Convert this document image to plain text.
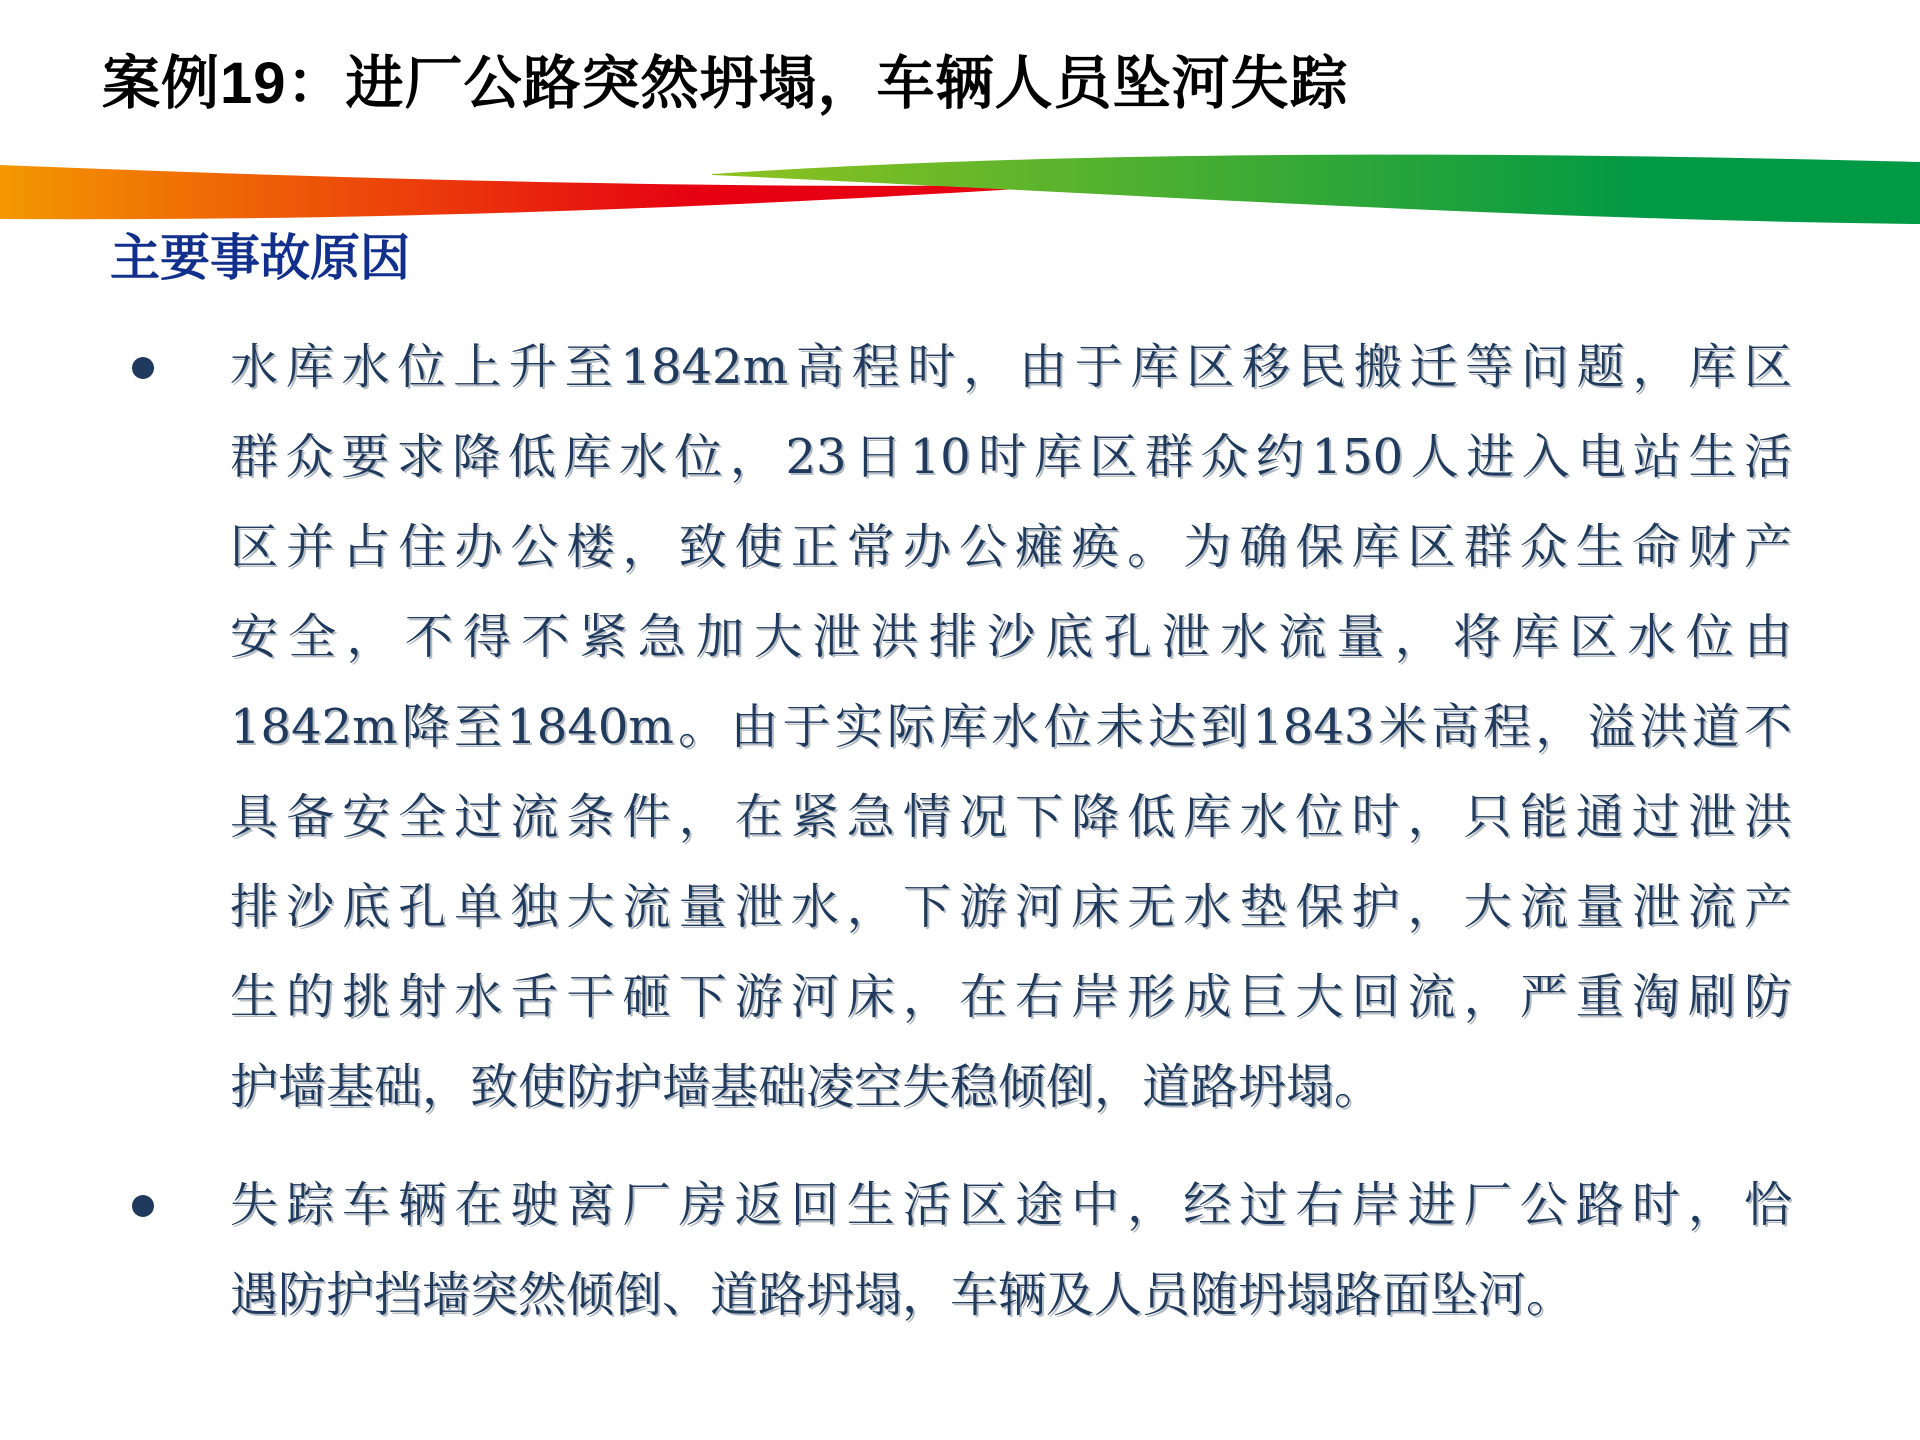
案例19：进厂公路突然坍塌，车辆人员坠河失踪
主要事故原因
水库水位上升至1842m高程时，由于库区移民搬迁等问题，库区
群众要求降低库水位，23日10时库区群众约150人进入电站生活
区并占住办公楼，致使正常办公瘫痪。为确保库区群众生命财产
安全，不得不紧急加大泄洪排沙底孔泄水流量，将库区水位由
1842m降至1840m。由于实际库水位未达到1843米高程，溢洪道不
具备安全过流条件，在紧急情况下降低库水位时，只能通过泄洪
排沙底孔单独大流量泄水，下游河床无水垫保护，大流量泄流产
生的挑射水舌干砸下游河床，在右岸形成巨大回流，严重淘刷防
护墙基础，致使防护墙基础凌空失稳倾倒，道路坍塌。
失踪车辆在驶离厂房返回生活区途中，经过右岸进厂公路时，恰
遇防护挡墙突然倾倒、道路坍塌，车辆及人员随坍塌路面坠河。
